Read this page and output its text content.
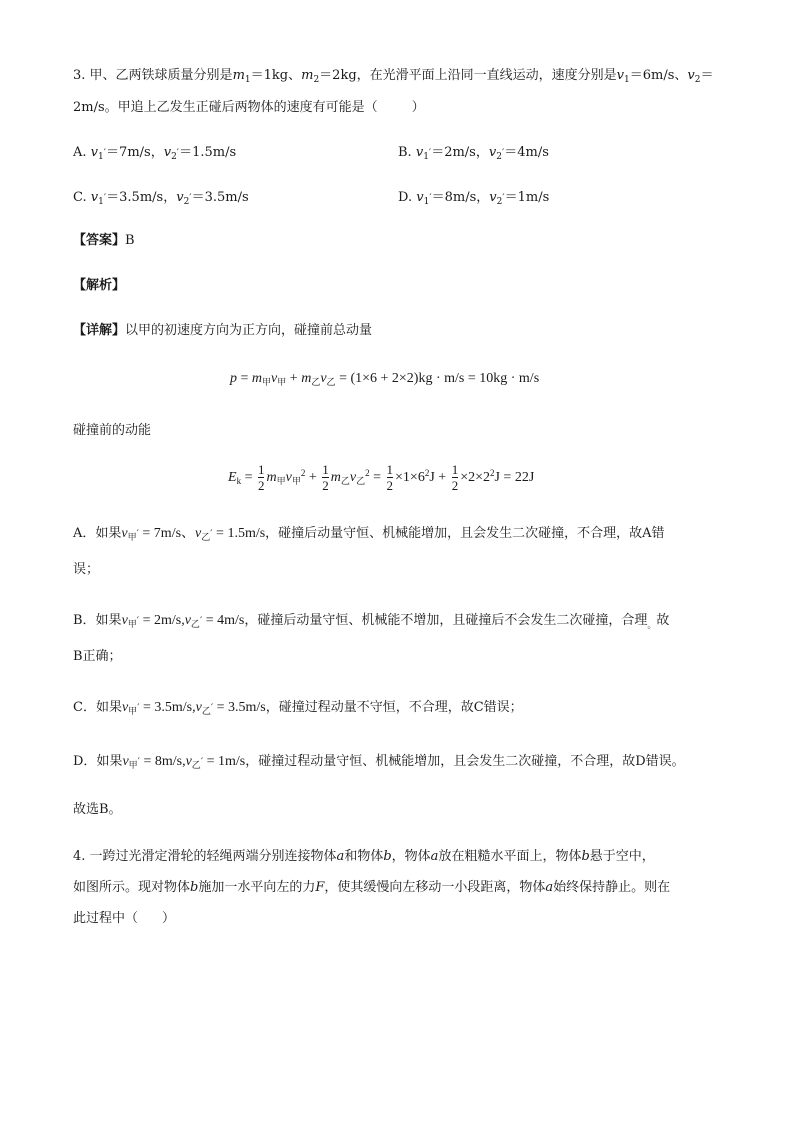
3. 甲、乙两铁球质量分别是$m_1=1kg$、$m_2=2kg$，在光滑平面上沿同一直线运动，速度分别是$v_1=6m/s$、$v_2=$
2m/s。甲追上乙发生正碰后两物体的速度有可能是（	）
A. $v_1'=7m/s$，$v_2'=1.5m/s$	B. $v_1'=2m/s$，$v_2'=4m/s$
C. $v_1'=3.5m/s$，$v_2'=3.5m/s$	D. $v_1'=8m/s$，$v_2'=1m/s$
【答案】B
【解析】
【详解】以甲的初速度方向为正方向，碰撞前总动量
$p = m_甲v_甲 + m_乙v_乙 = (1\times 6 + 2\times 2)kg \cdot m/s = 10kg \cdot m/s$
碰撞前的动能
$E_k = \frac{1}{2} m_甲v_甲^2 + \frac{1}{2} m_乙v_乙^2 = \frac{1}{2} \times 1\times 6^2J + \frac{1}{2} \times 2\times 2^2J = 22J$
A．如果$v_甲' = 7m/s$、$v_乙' = 1.5m/s$，碰撞后动量守恒、机械能增加，且会发生二次碰撞，不合理，故A错
误；
B．如果$v_甲' = 2m/s,v_乙' = 4m/s$，碰撞后动量守恒、机械能不增加，且碰撞后不会发生二次碰撞，合理$_。$故
B正确；
C．如果$v_甲' = 3.5m/s,v_乙' = 3.5m/s$，碰撞过程动量不守恒，不合理，故C错误；
D．如果$v_甲' = 8m/s,v_乙' = 1m/s$，碰撞过程动量守恒、机械能增加，且会发生二次碰撞，不合理，故D错误。
故选B。
4. 一跨过光滑定滑轮的轻绳两端分别连接物体a和物体b，物体a放在粗糙水平面上，物体b悬于空中，
如图所示。现对物体b施加一水平向左的力F，使其缓慢向左移动一小段距离，物体a始终保持静止。则在
此过程中（ ）
